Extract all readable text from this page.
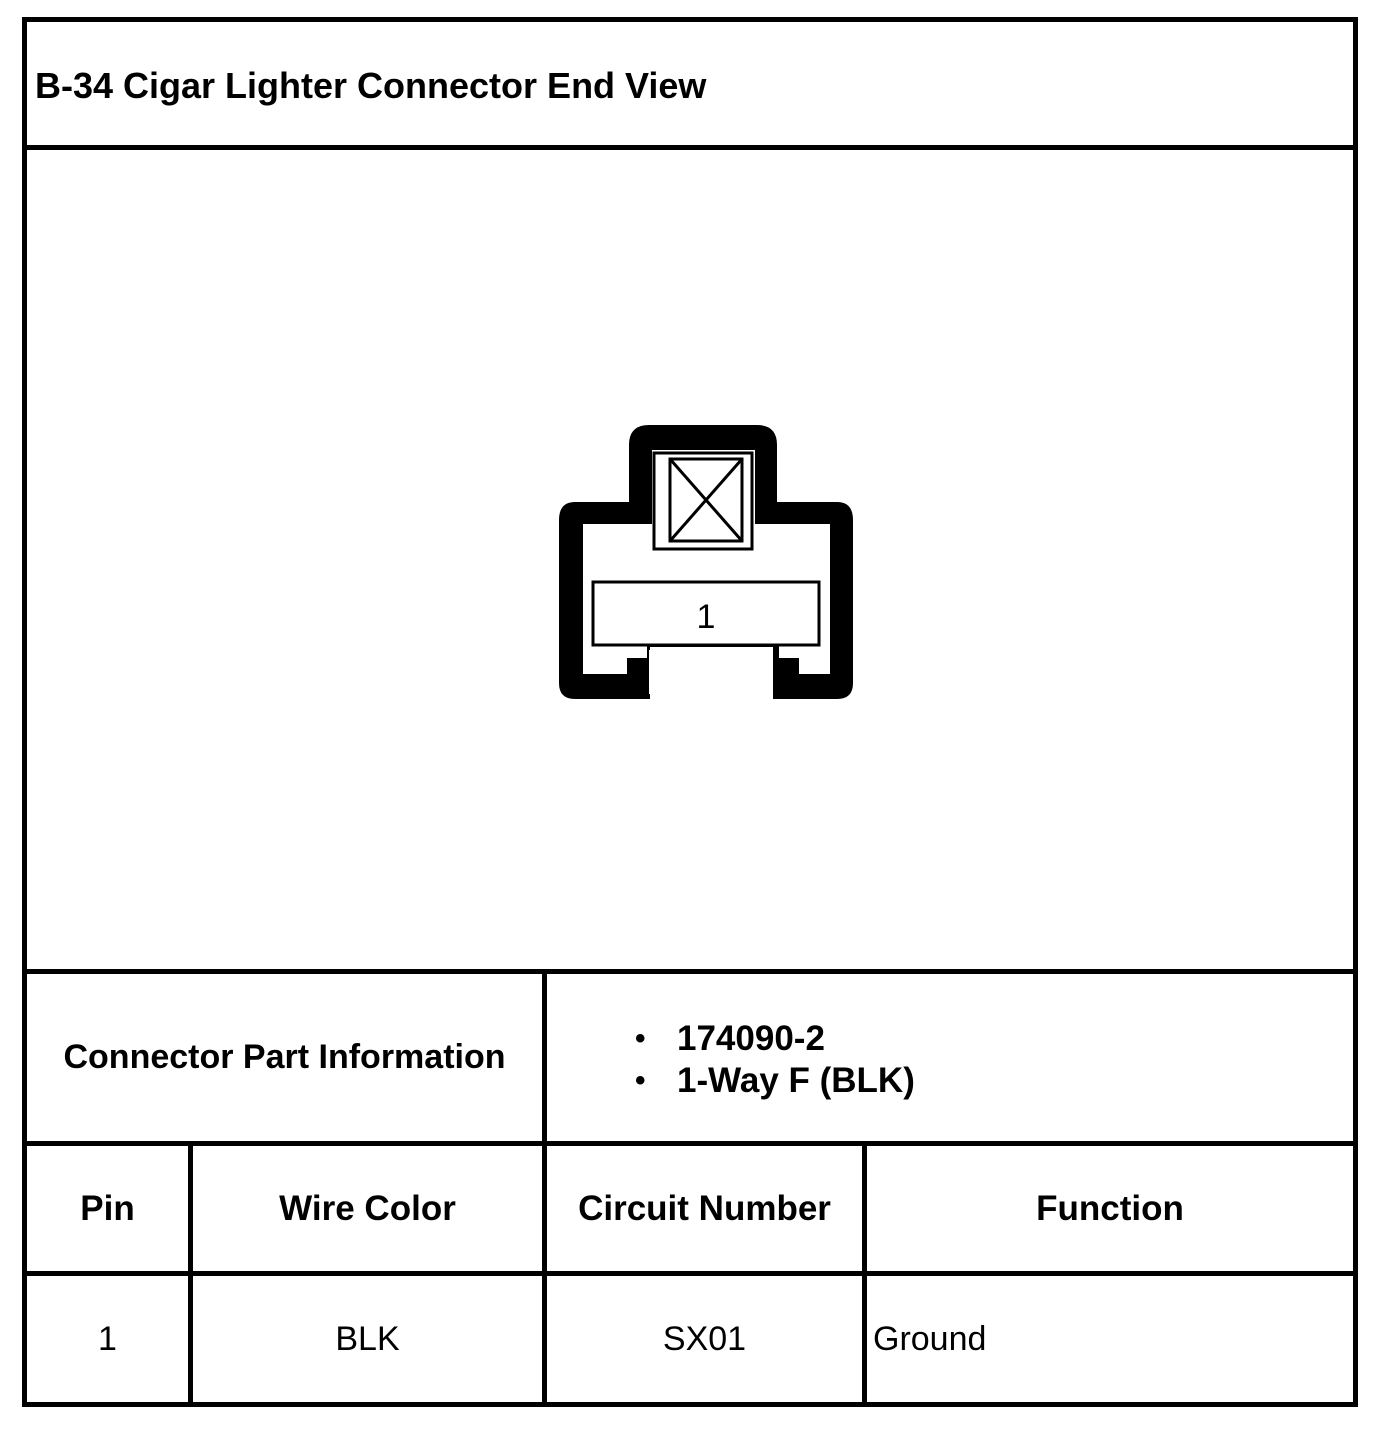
B-34 Cigar Lighter Connector End View
1
Connector Part Information	• 174090-2
• 1-Way F (BLK)
Pin	Wire Color	Circuit Number	Function
1	BLK	SX01	Ground
